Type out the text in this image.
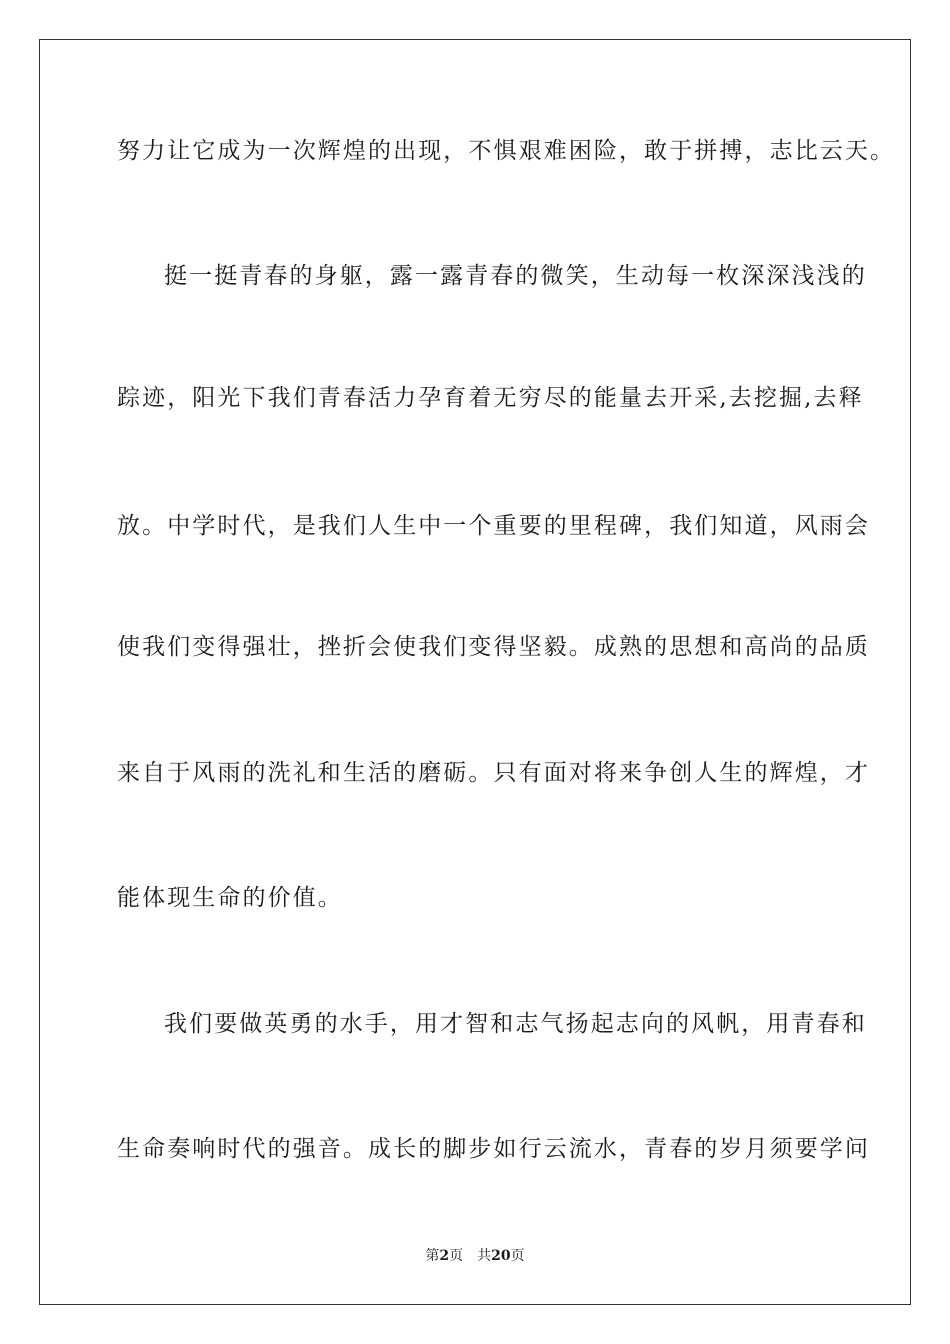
努力让它成为一次辉煌的出现，不惧艰难困险，敢于拼搏，志比云天。
挺一挺青春的身躯，露一露青春的微笑，生动每一枚深深浅浅的
踪迹，阳光下我们青春活力孕育着无穷尽的能量去开采,去挖掘,去释
放。中学时代，是我们人生中一个重要的里程碑，我们知道，风雨会
使我们变得强壮，挫折会使我们变得坚毅。成熟的思想和高尚的品质
来自于风雨的洗礼和生活的磨砺。只有面对将来争创人生的辉煌，才
能体现生命的价值。
我们要做英勇的水手，用才智和志气扬起志向的风帆，用青春和
生命奏响时代的强音。成长的脚步如行云流水，青春的岁月须要学问
第2页 共20页
